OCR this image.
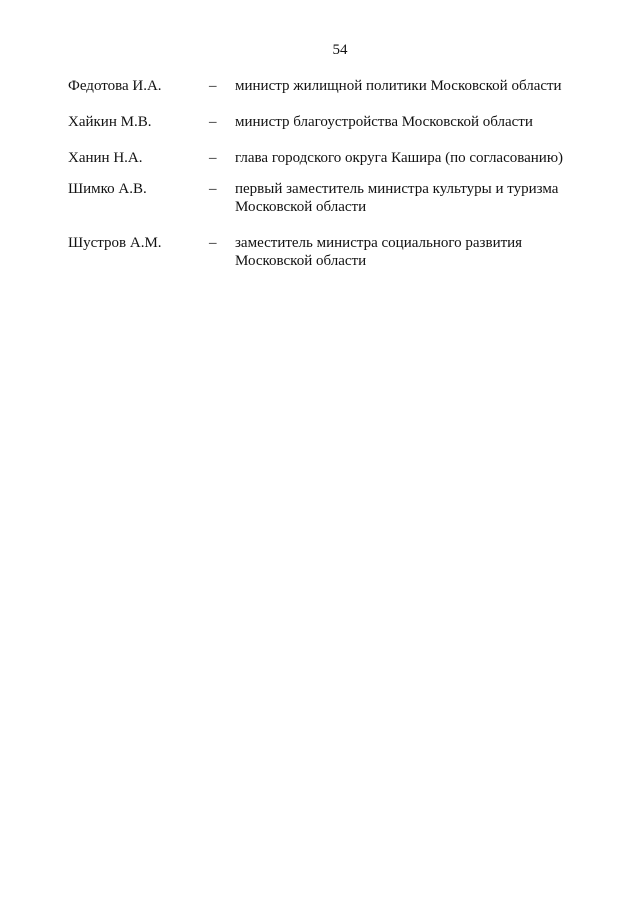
54
Федотова И.А.	– министр жилищной политики Московской области
Хайкин М.В.	– министр благоустройства Московской области
Ханин Н.А.	– глава городского округа Кашира (по согласованию)
Шимко А.В.	– первый заместитель министра культуры и туризма
Московской области
Шустров А.М.	– заместитель министра социального развития
Московской области
